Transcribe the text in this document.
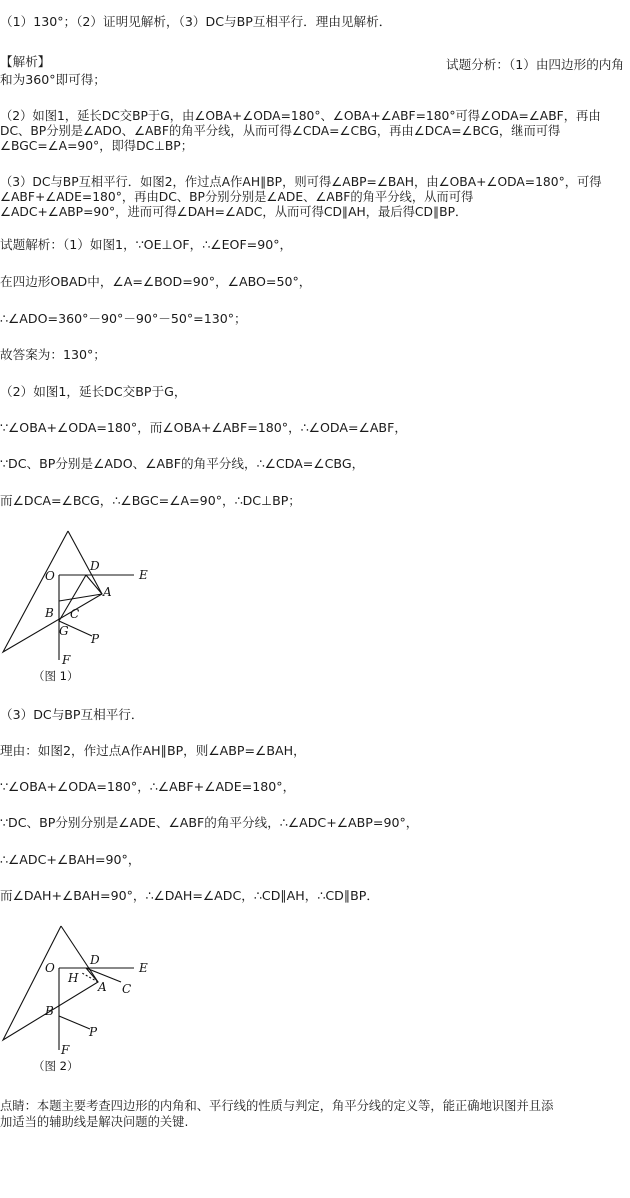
（1）130°；（2）证明见解析，（3）DC与BP互相平行．理由见解析．
【解析】	试题分析：（1）由四边形的内角
和为360°即可得；
（2）如图1，延长DC交BP于G，由∠OBA+∠ODA=180°、∠OBA+∠ABF=180°可得∠ODA=∠ABF，再由
DC、BP分别是∠ADO、∠ABF的角平分线，从而可得∠CDA=∠CBG，再由∠DCA=∠BCG，继而可得
∠BGC=∠A=90°，即得DC⊥BP；
（3）DC与BP互相平行．如图2，作过点A作AH∥BP，则可得∠ABP=∠BAH，由∠OBA+∠ODA=180°，可得
∠ABF+∠ADE=180°，再由DC、BP分别分别是∠ADE、∠ABF的角平分线，从而可得
∠ADC+∠ABP=90°，进而可得∠DAH=∠ADC，从而可得CD∥AH，最后得CD∥BP．
试题解析：（1）如图1，∵OE⊥OF，∴∠EOF=90°，
在四边形OBAD中，∠A=∠BOD=90°，∠ABO=50°，
∴∠ADO=360°－90°－90°－50°=130°；
故答案为：130°；
（2）如图1，延长DC交BP于G，
∵∠OBA+∠ODA=180°，而∠OBA+∠ABF=180°，∴∠ODA=∠ABF，
∵DC、BP分别是∠ADO、∠ABF的角平分线，∴∠CDA=∠CBG，
而∠DCA=∠BCG，∴∠BGC=∠A=90°，∴DC⊥BP；
O
D
E
A
B C
G
P
F
（图 1）
（3）DC与BP互相平行．
理由：如图2，作过点A作AH∥BP，则∠ABP=∠BAH，
∵∠OBA+∠ODA=180°，∴∠ABF+∠ADE=180°，
∵DC、BP分别分别是∠ADE、∠ABF的角平分线，∴∠ADC+∠ABP=90°，
∴∠ADC+∠BAH=90°，
而∠DAH+∠BAH=90°，∴∠DAH=∠ADC，∴CD∥AH，∴CD∥BP．
O
H
D
E
A C
B
P
F
（图 2）
点睛：本题主要考查四边形的内角和、平行线的性质与判定，角平分线的定义等，能正确地识图并且添
加适当的辅助线是解决问题的关键.
